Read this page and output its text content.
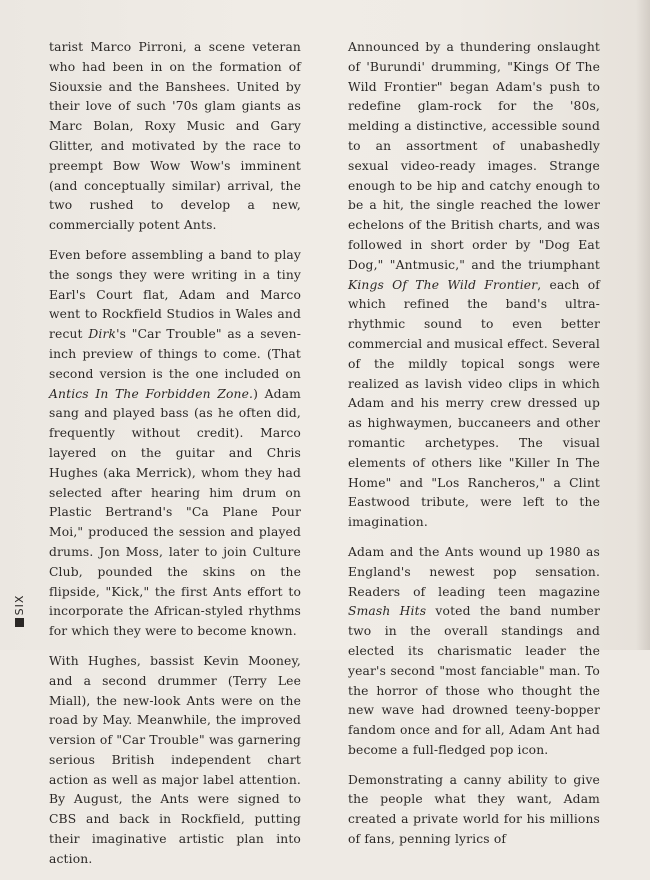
tarist Marco Pirroni, a scene veteran who had been in on the formation of Siouxsie and the Banshees. United by their love of such '70s glam giants as Marc Bolan, Roxy Music and Gary Glitter, and motivated by the race to preempt Bow Wow Wow's imminent (and conceptually similar) arrival, the two rushed to develop a new, commercially potent Ants.

Even before assembling a band to play the songs they were writing in a tiny Earl's Court flat, Adam and Marco went to Rockfield Studios in Wales and recut Dirk's "Car Trouble" as a seven-inch preview of things to come. (That second version is the one included on Antics In The Forbidden Zone.) Adam sang and played bass (as he often did, frequently without credit). Marco layered on the guitar and Chris Hughes (aka Merrick), whom they had selected after hearing him drum on Plastic Bertrand's "Ca Plane Pour Moi," produced the session and played drums. Jon Moss, later to join Culture Club, pounded the skins on the flipside, "Kick," the first Ants effort to incorporate the African-styled rhythms for which they were to become known.

With Hughes, bassist Kevin Mooney, and a second drummer (Terry Lee Miall), the new-look Ants were on the road by May. Meanwhile, the improved version of "Car Trouble" was garnering serious British independent chart action as well as major label attention. By August, the Ants were signed to CBS and back in Rockfield, putting their imaginative artistic plan into action.

Announced by a thundering onslaught of 'Burundi' drumming, "Kings Of The Wild Frontier" began Adam's push to redefine glam-rock for the '80s, melding a distinctive, accessible sound to an assortment of unabashedly sexual video-ready images. Strange enough to be hip and catchy enough to be a hit, the single reached the lower echelons of the British charts, and was followed in short order by "Dog Eat Dog," "Antmusic," and the triumphant Kings Of The Wild Frontier, each of which refined the band's ultra-rhythmic sound to even better commercial and musical effect. Several of the mildly topical songs were realized as lavish video clips in which Adam and his merry crew dressed up as highwaymen, buccaneers and other romantic archetypes. The visual elements of others like "Killer In The Home" and "Los Rancheros," a Clint Eastwood tribute, were left to the imagination.

Adam and the Ants wound up 1980 as England's newest pop sensation. Readers of leading teen magazine Smash Hits voted the band number two in the overall standings and elected its charismatic leader the year's second "most fanciable" man. To the horror of those who thought the new wave had drowned teeny-bopper fandom once and for all, Adam Ant had become a full-fledged pop icon.

Demonstrating a canny ability to give the people what they want, Adam created a private world for his millions of fans, penning lyrics of

SIX
